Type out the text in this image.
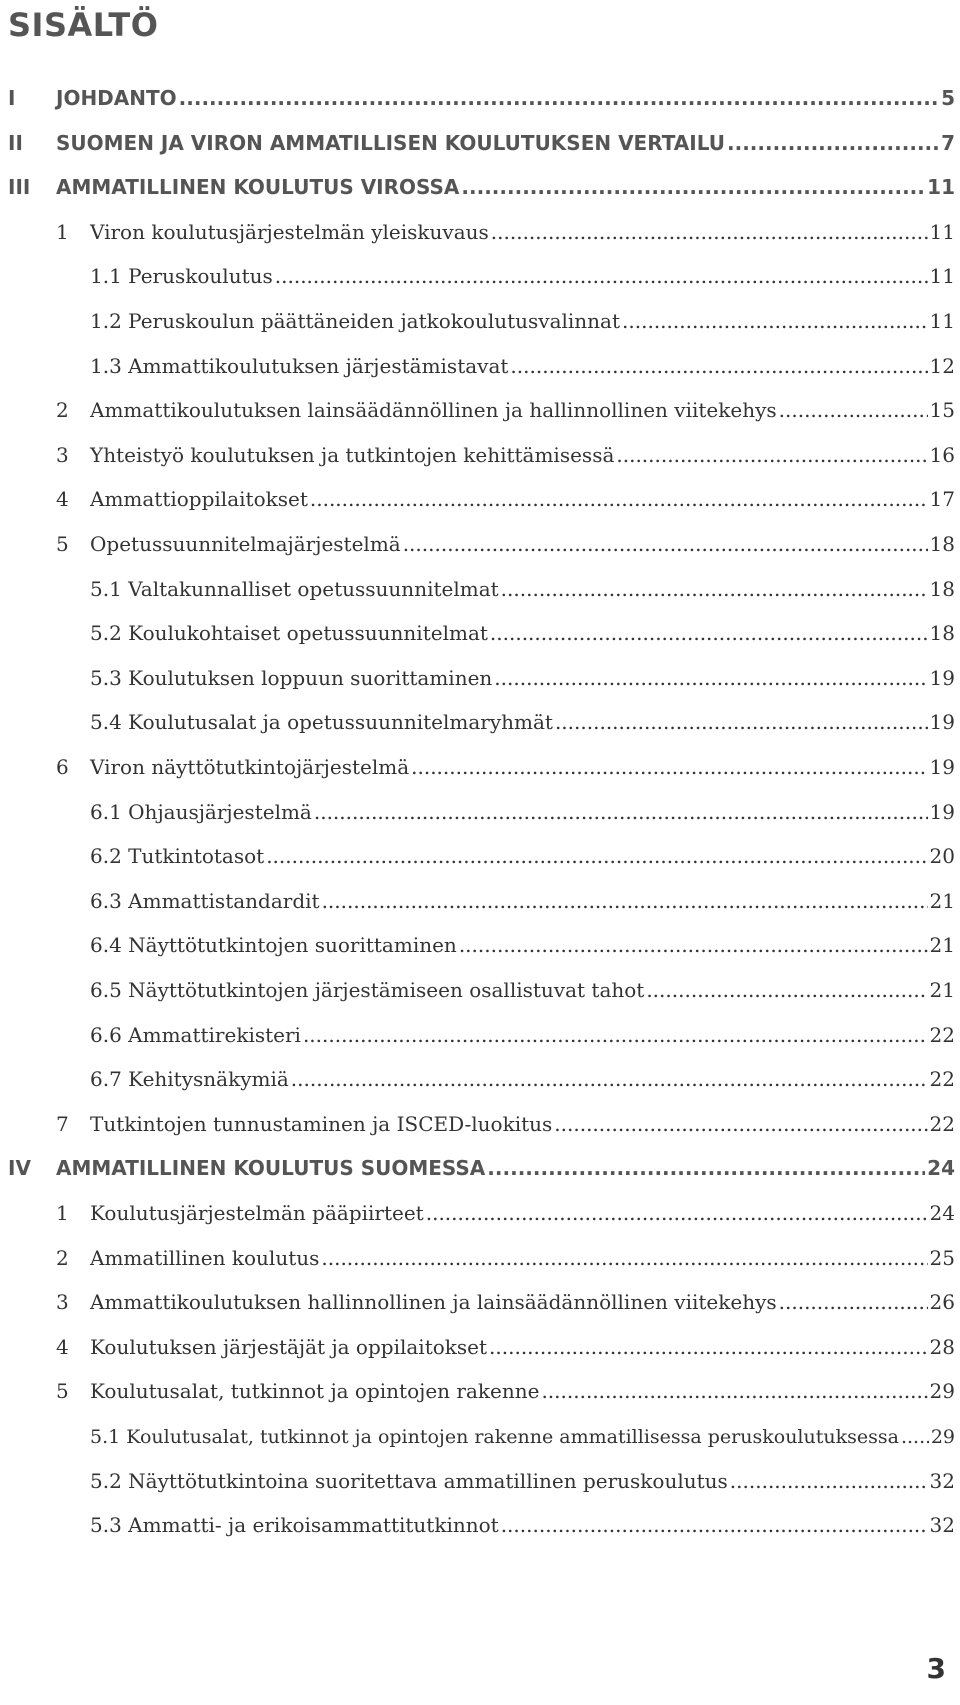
SISÄLTÖ
I JOHDANTO .....	5
II SUOMEN JA VIRON AMMATILLISEN KOULUTUKSEN VERTAILU .....	7
III AMMATILLINEN KOULUTUS VIROSSA .....	11
1 Viron koulutusjärjestelmän yleiskuvaus .....	11
1.1 Peruskoulutus .....	11
1.2 Peruskoulun päättäneiden jatkokoulutusvalinnat .....	11
1.3 Ammattikoulutuksen järjestämistavat .....	12
2 Ammattikoulutuksen lainsäädännöllinen ja hallinnollinen viitekehys .....	15
3 Yhteistyö koulutuksen ja tutkintojen kehittämisessä .....	16
4 Ammattioppilaitokset .....	17
5 Opetussuunnitelmajärjestelmä .....	18
5.1 Valtakunnalliset opetussuunnitelmat .....	18
5.2 Koulukohtaiset opetussuunnitelmat .....	18
5.3 Koulutuksen loppuun suorittaminen .....	19
5.4 Koulutusalat ja opetussuunnitelmaryhmät .....	19
6 Viron näyttötutkintojärjestelmä .....	19
6.1 Ohjausjärjestelmä .....	19
6.2 Tutkintotasot .....	20
6.3 Ammattistandardit .....	21
6.4 Näyttötutkintojen suorittaminen .....	21
6.5 Näyttötutkintojen järjestämiseen osallistuvat tahot .....	21
6.6 Ammattirekisteri .....	22
6.7 Kehitysnäkymiä .....	22
7 Tutkintojen tunnustaminen ja ISCED-luokitus .....	22
IV AMMATILLINEN KOULUTUS SUOMESSA .....	24
1 Koulutusjärjestelmän pääpiirteet .....	24
2 Ammatillinen koulutus .....	25
3 Ammattikoulutuksen hallinnollinen ja lainsäädännöllinen viitekehys .....	26
4 Koulutuksen järjestäjät ja oppilaitokset .....	28
5 Koulutusalat, tutkinnot ja opintojen rakenne .....	29
5.1 Koulutusalat, tutkinnot ja opintojen rakenne ammatillisessa peruskoulutuksessa ..... 29
5.2 Näyttötutkintoina suoritettava ammatillinen peruskoulutus .....	32
5.3 Ammatti- ja erikoisammattitutkinnot .....	32
3
